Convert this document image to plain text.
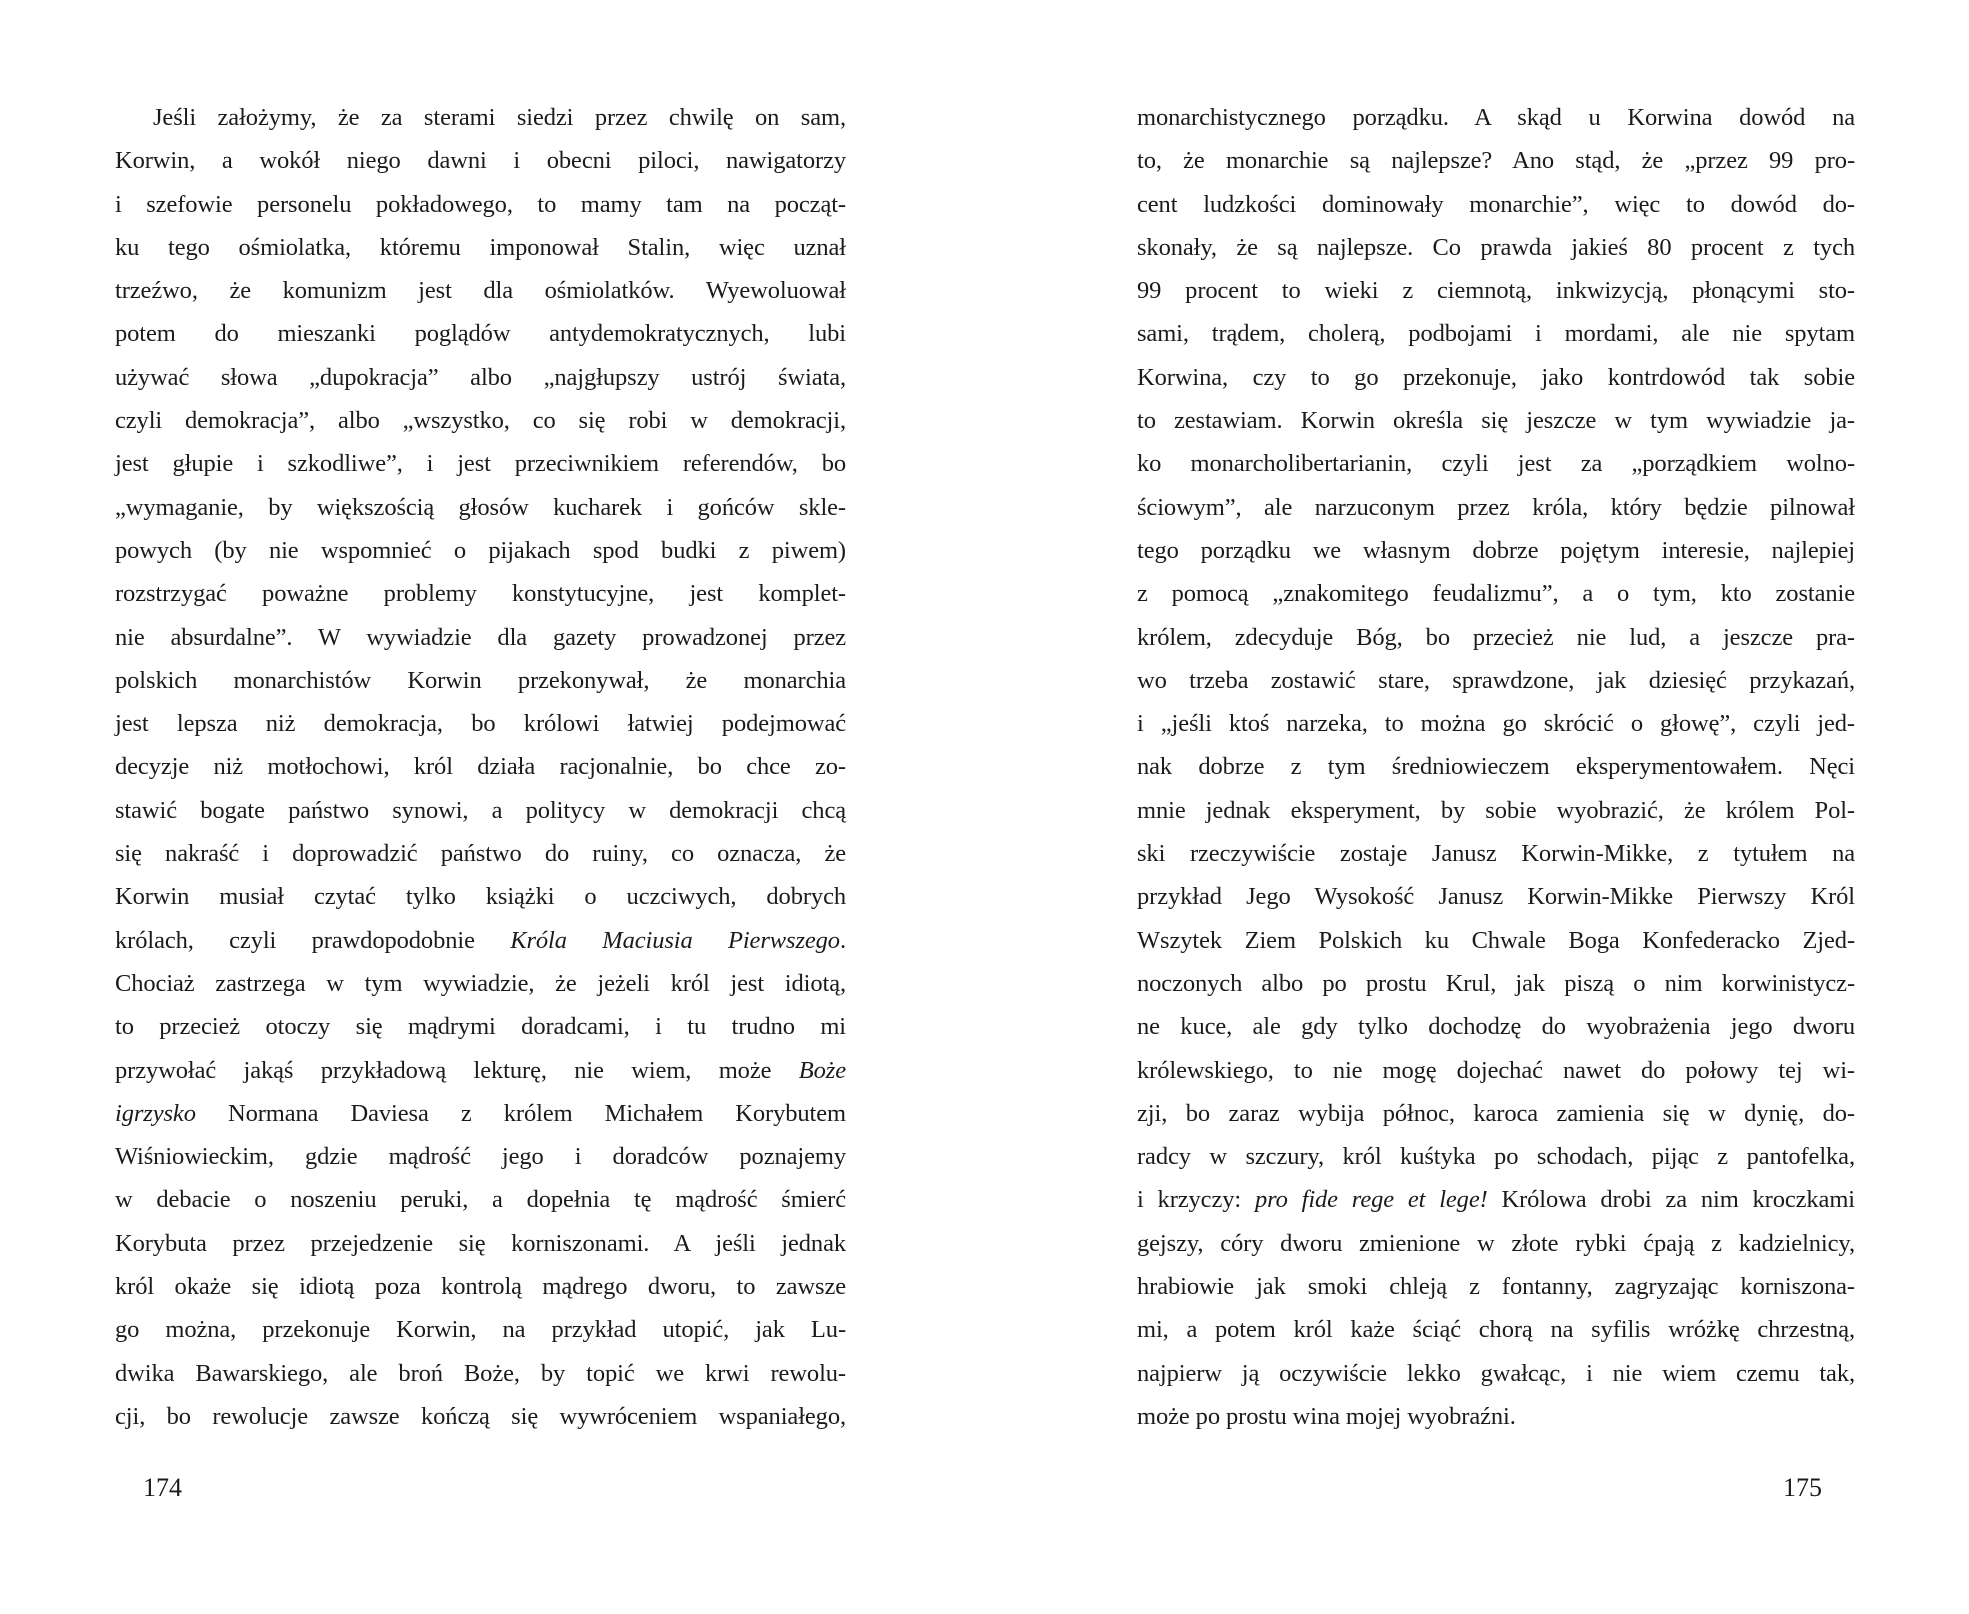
Jeśli założymy, że za sterami siedzi przez chwilę on sam,
Korwin, a wokół niego dawni i obecni piloci, nawigatorzy
i szefowie personelu pokładowego, to mamy tam na począt-
ku tego ośmiolatka, któremu imponował Stalin, więc uznał
trzeźwo, że komunizm jest dla ośmiolatków. Wyewoluował
potem do mieszanki poglądów antydemokratycznych, lubi
używać słowa „dupokracja” albo „najgłupszy ustrój świata,
czyli demokracja”, albo „wszystko, co się robi w demokracji,
jest głupie i szkodliwe”, i jest przeciwnikiem referendów, bo
„wymaganie, by większością głosów kucharek i gońców skle-
powych (by nie wspomnieć o pijakach spod budki z piwem)
rozstrzygać poważne problemy konstytucyjne, jest komplet-
nie absurdalne”. W wywiadzie dla gazety prowadzonej przez
polskich monarchistów Korwin przekonywał, że monarchia
jest lepsza niż demokracja, bo królowi łatwiej podejmować
decyzje niż motłochowi, król działa racjonalnie, bo chce zo-
stawić bogate państwo synowi, a politycy w demokracji chcą
się nakraść i doprowadzić państwo do ruiny, co oznacza, że
Korwin musiał czytać tylko książki o uczciwych, dobrych
królach, czyli prawdopodobnie Króla Maciusia Pierwszego.
Chociaż zastrzega w tym wywiadzie, że jeżeli król jest idiotą,
to przecież otoczy się mądrymi doradcami, i tu trudno mi
przywołać jakąś przykładową lekturę, nie wiem, może Boże
igrzysko Normana Daviesa z królem Michałem Korybutem
Wiśniowieckim, gdzie mądrość jego i doradców poznajemy
w debacie o noszeniu peruki, a dopełnia tę mądrość śmierć
Korybuta przez przejedzenie się korniszonami. A jeśli jednak
król okaże się idiotą poza kontrolą mądrego dworu, to zawsze
go można, przekonuje Korwin, na przykład utopić, jak Lu-
dwika Bawarskiego, ale broń Boże, by topić we krwi rewolu-
cji, bo rewolucje zawsze kończą się wywróceniem wspaniałego,
monarchistycznego porządku. A skąd u Korwina dowód na
to, że monarchie są najlepsze? Ano stąd, że „przez 99 pro-
cent ludzkości dominowały monarchie”, więc to dowód do-
skonały, że są najlepsze. Co prawda jakieś 80 procent z tych
99 procent to wieki z ciemnotą, inkwizycją, płonącymi sto-
sami, trądem, cholerą, podbojami i mordami, ale nie spytam
Korwina, czy to go przekonuje, jako kontrdowód tak sobie
to zestawiam. Korwin określa się jeszcze w tym wywiadzie ja-
ko monarcholibertarianin, czyli jest za „porządkiem wolno-
ściowym”, ale narzuconym przez króla, który będzie pilnował
tego porządku we własnym dobrze pojętym interesie, najlepiej
z pomocą „znakomitego feudalizmu”, a o tym, kto zostanie
królem, zdecyduje Bóg, bo przecież nie lud, a jeszcze pra-
wo trzeba zostawić stare, sprawdzone, jak dziesięć przykazań,
i „jeśli ktoś narzeka, to można go skrócić o głowę”, czyli jed-
nak dobrze z tym średniowieczem eksperymentowałem. Nęci
mnie jednak eksperyment, by sobie wyobrazić, że królem Pol-
ski rzeczywiście zostaje Janusz Korwin-Mikke, z tytułem na
przykład Jego Wysokość Janusz Korwin-Mikke Pierwszy Król
Wszytek Ziem Polskich ku Chwale Boga Konfederacko Zjed-
noczonych albo po prostu Krul, jak piszą o nim korwinistycz-
ne kuce, ale gdy tylko dochodzę do wyobrażenia jego dworu
królewskiego, to nie mogę dojechać nawet do połowy tej wi-
zji, bo zaraz wybija północ, karoca zamienia się w dynię, do-
radcy w szczury, król kuśtyka po schodach, pijąc z pantofelka,
i krzyczy: pro fide rege et lege! Królowa drobi za nim kroczkami
gejszy, córy dworu zmienione w złote rybki ćpają z kadzielnicy,
hrabiowie jak smoki chleją z fontanny, zagryzając korniszona-
mi, a potem król każe ściąć chorą na syfilis wróżkę chrzestną,
najpierw ją oczywiście lekko gwałcąc, i nie wiem czemu tak,
może po prostu wina mojej wyobraźni.
174	175
